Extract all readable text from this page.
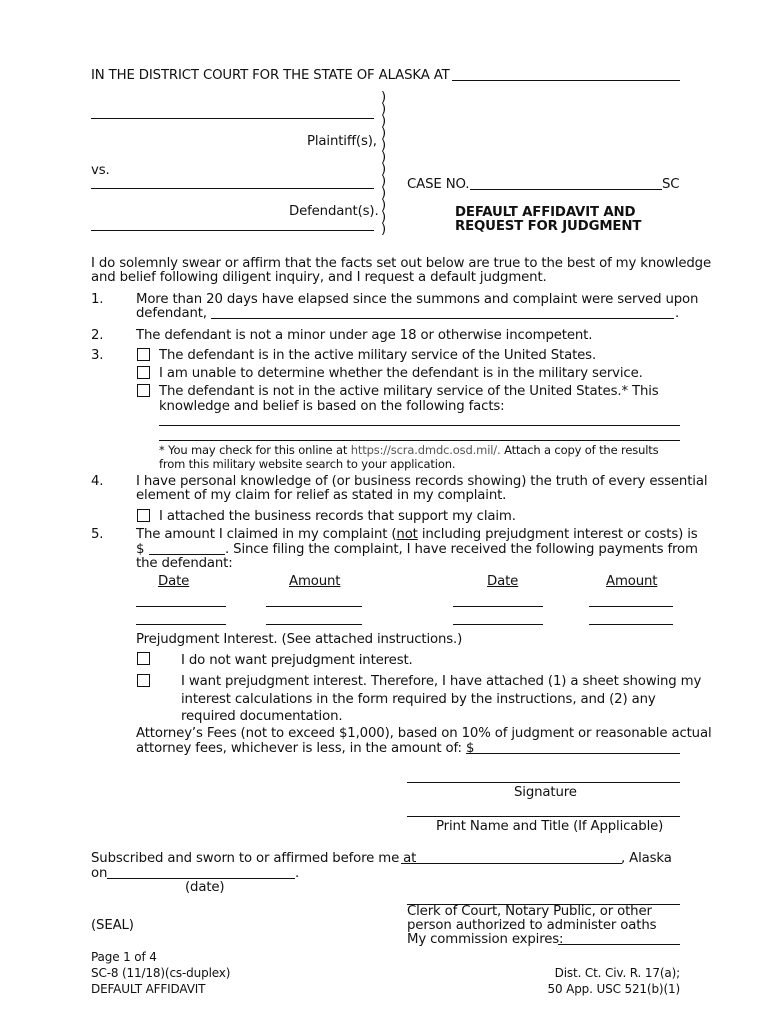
IN THE DISTRICT COURT FOR THE STATE OF ALASKA AT
)
)
)
)
)
)
)
)
)
)
)
)
Plaintiff(s),
vs.
Defendant(s).
CASE NO.	SC
DEFAULT AFFIDAVIT AND
REQUEST FOR JUDGMENT
I do solemnly swear or affirm that the facts set out below are true to the best of my knowledge
and belief following diligent inquiry, and I request a default judgment.
1. More than 20 days have elapsed since the summons and complaint were served upon
defendant,	.
2. The defendant is not a minor under age 18 or otherwise incompetent.
3.	The defendant is in the active military service of the United States.
I am unable to determine whether the defendant is in the military service.
The defendant is not in the active military service of the United States.* This
knowledge and belief is based on the following facts:
* You may check for this online at https://scra.dmdc.osd.mil/. Attach a copy of the results
from this military website search to your application.
4. I have personal knowledge of (or business records showing) the truth of every essential
element of my claim for relief as stated in my complaint.
I attached the business records that support my claim.
5. The amount I claimed in my complaint (not including prejudgment interest or costs) is
$	. Since filing the complaint, I have received the following payments from
the defendant:
Date	Amount	Date	Amount
Prejudgment Interest. (See attached instructions.)
I do not want prejudgment interest.
I want prejudgment interest. Therefore, I have attached (1) a sheet showing my
interest calculations in the form required by the instructions, and (2) any
required documentation.
Attorney’s Fees (not to exceed $1,000), based on 10% of judgment or reasonable actual
attorney fees, whichever is less, in the amount of: $
Signature
Print Name and Title (If Applicable)
Subscribed and sworn to or affirmed before me at	, Alaska
on	.
(date)
Clerk of Court, Notary Public, or other
person authorized to administer oaths
My commission expires:
(SEAL)
Page 1 of 4
SC-8 (11/18)(cs-duplex)
DEFAULT AFFIDAVIT
Dist. Ct. Civ. R. 17(a);
50 App. USC 521(b)(1)
